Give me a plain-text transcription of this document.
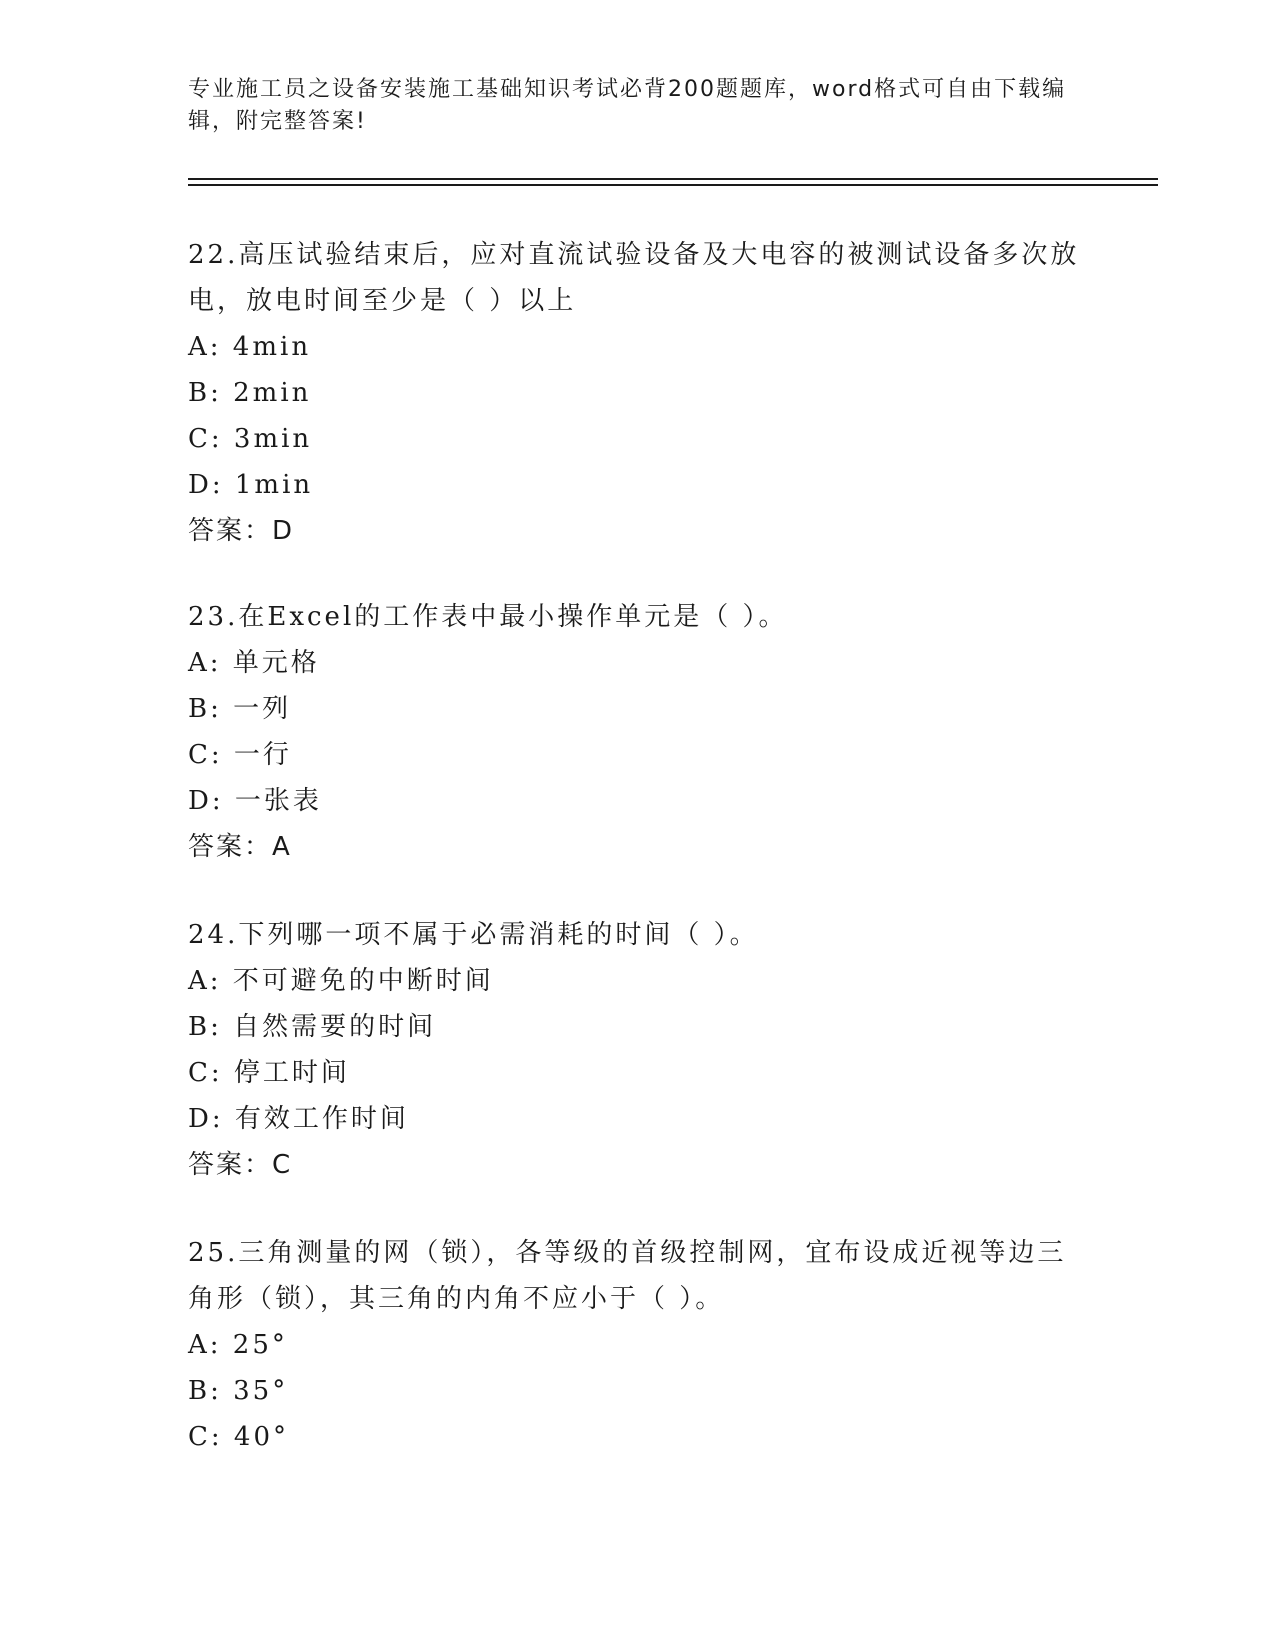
专业施工员之设备安装施工基础知识考试必背200题题库，word格式可自由下载编辑，附完整答案!
22.高压试验结束后，应对直流试验设备及大电容的被测试设备多次放电，放电时间至少是（ ）以上
A: 4min
B: 2min
C: 3min
D: 1min
答案：D
23.在Excel的工作表中最小操作单元是（ ）。
A: 单元格
B: 一列
C: 一行
D: 一张表
答案：A
24.下列哪一项不属于必需消耗的时间（ ）。
A: 不可避免的中断时间
B: 自然需要的时间
C: 停工时间
D: 有效工作时间
答案：C
25.三角测量的网（锁），各等级的首级控制网，宜布设成近视等边三角形（锁），其三角的内角不应小于（ ）。
A: 25°
B: 35°
C: 40°
